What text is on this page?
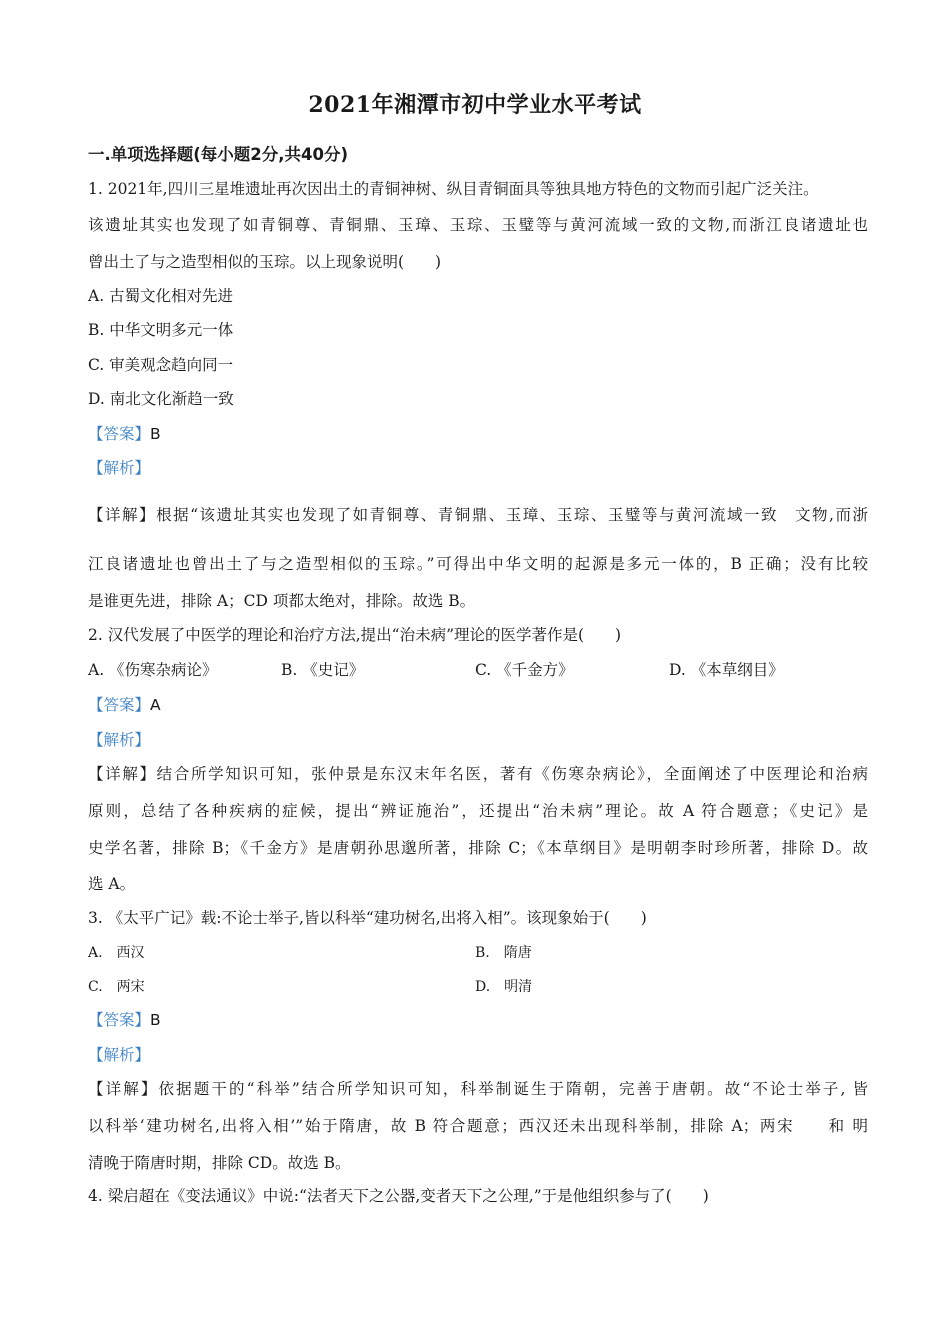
2021年湘潭市初中学业水平考试
一.单项选择题(每小题2分,共40分)
1. 2021年,四川三星堆遗址再次因出土的青铜神树、纵目青铜面具等独具地方特色的文物而引起广泛关注。
该遗址其实也发现了如青铜尊、青铜鼎、玉璋、玉琮、玉璧等与黄河流域一致的文物,而浙江良诸遗址也
曾出土了与之造型相似的玉琮。以上现象说明(　　)
A. 古蜀文化相对先进
B. 中华文明多元一体
C. 审美观念趋向同一
D. 南北文化渐趋一致
【答案】B
【解析】
【详解】根据“该遗址其实也发现了如青铜尊、青铜鼎、玉璋、玉琮、玉璧等与黄河流域一致　文物,而浙
江良诸遗址也曾出土了与之造型相似的玉琮。”可得出中华文明的起源是多元一体的，B 正确；没有比较
是谁更先进，排除 A；CD 项都太绝对，排除。故选 B。
2. 汉代发展了中医学的理论和治疗方法,提出“治未病”理论的医学著作是(　　)
A. 《伤寒杂病论》	B. 《史记》	C. 《千金方》	D. 《本草纲目》
【答案】A
【解析】
【详解】结合所学知识可知，张仲景是东汉末年名医，著有《伤寒杂病论》，全面阐述了中医理论和治病
原则，总结了各种疾病的症候，提出“辨证施治”，还提出“治未病”理论。故 A 符合题意；《史记》是
史学名著，排除 B；《千金方》是唐朝孙思邈所著，排除 C；《本草纲目》是明朝李时珍所著，排除 D。故
选 A。
3. 《太平广记》载:不论士举子,皆以科举“建功树名,出将入相”。该现象始于(　　)
A.　西汉	B.　隋唐
C.　两宋	D.　明清
【答案】B
【解析】
【详解】依据题干的“科举”结合所学知识可知，科举制诞生于隋朝，完善于唐朝。故“不论士举子, 皆
以科举‘建功树名,出将入相’”始于隋唐，故 B 符合题意；西汉还未出现科举制，排除 A；两宋　　和 明
清晚于隋唐时期，排除 CD。故选 B。
4. 梁启超在《变法通议》中说:“法者天下之公器,变者天下之公理,”于是他组织参与了(　　)
